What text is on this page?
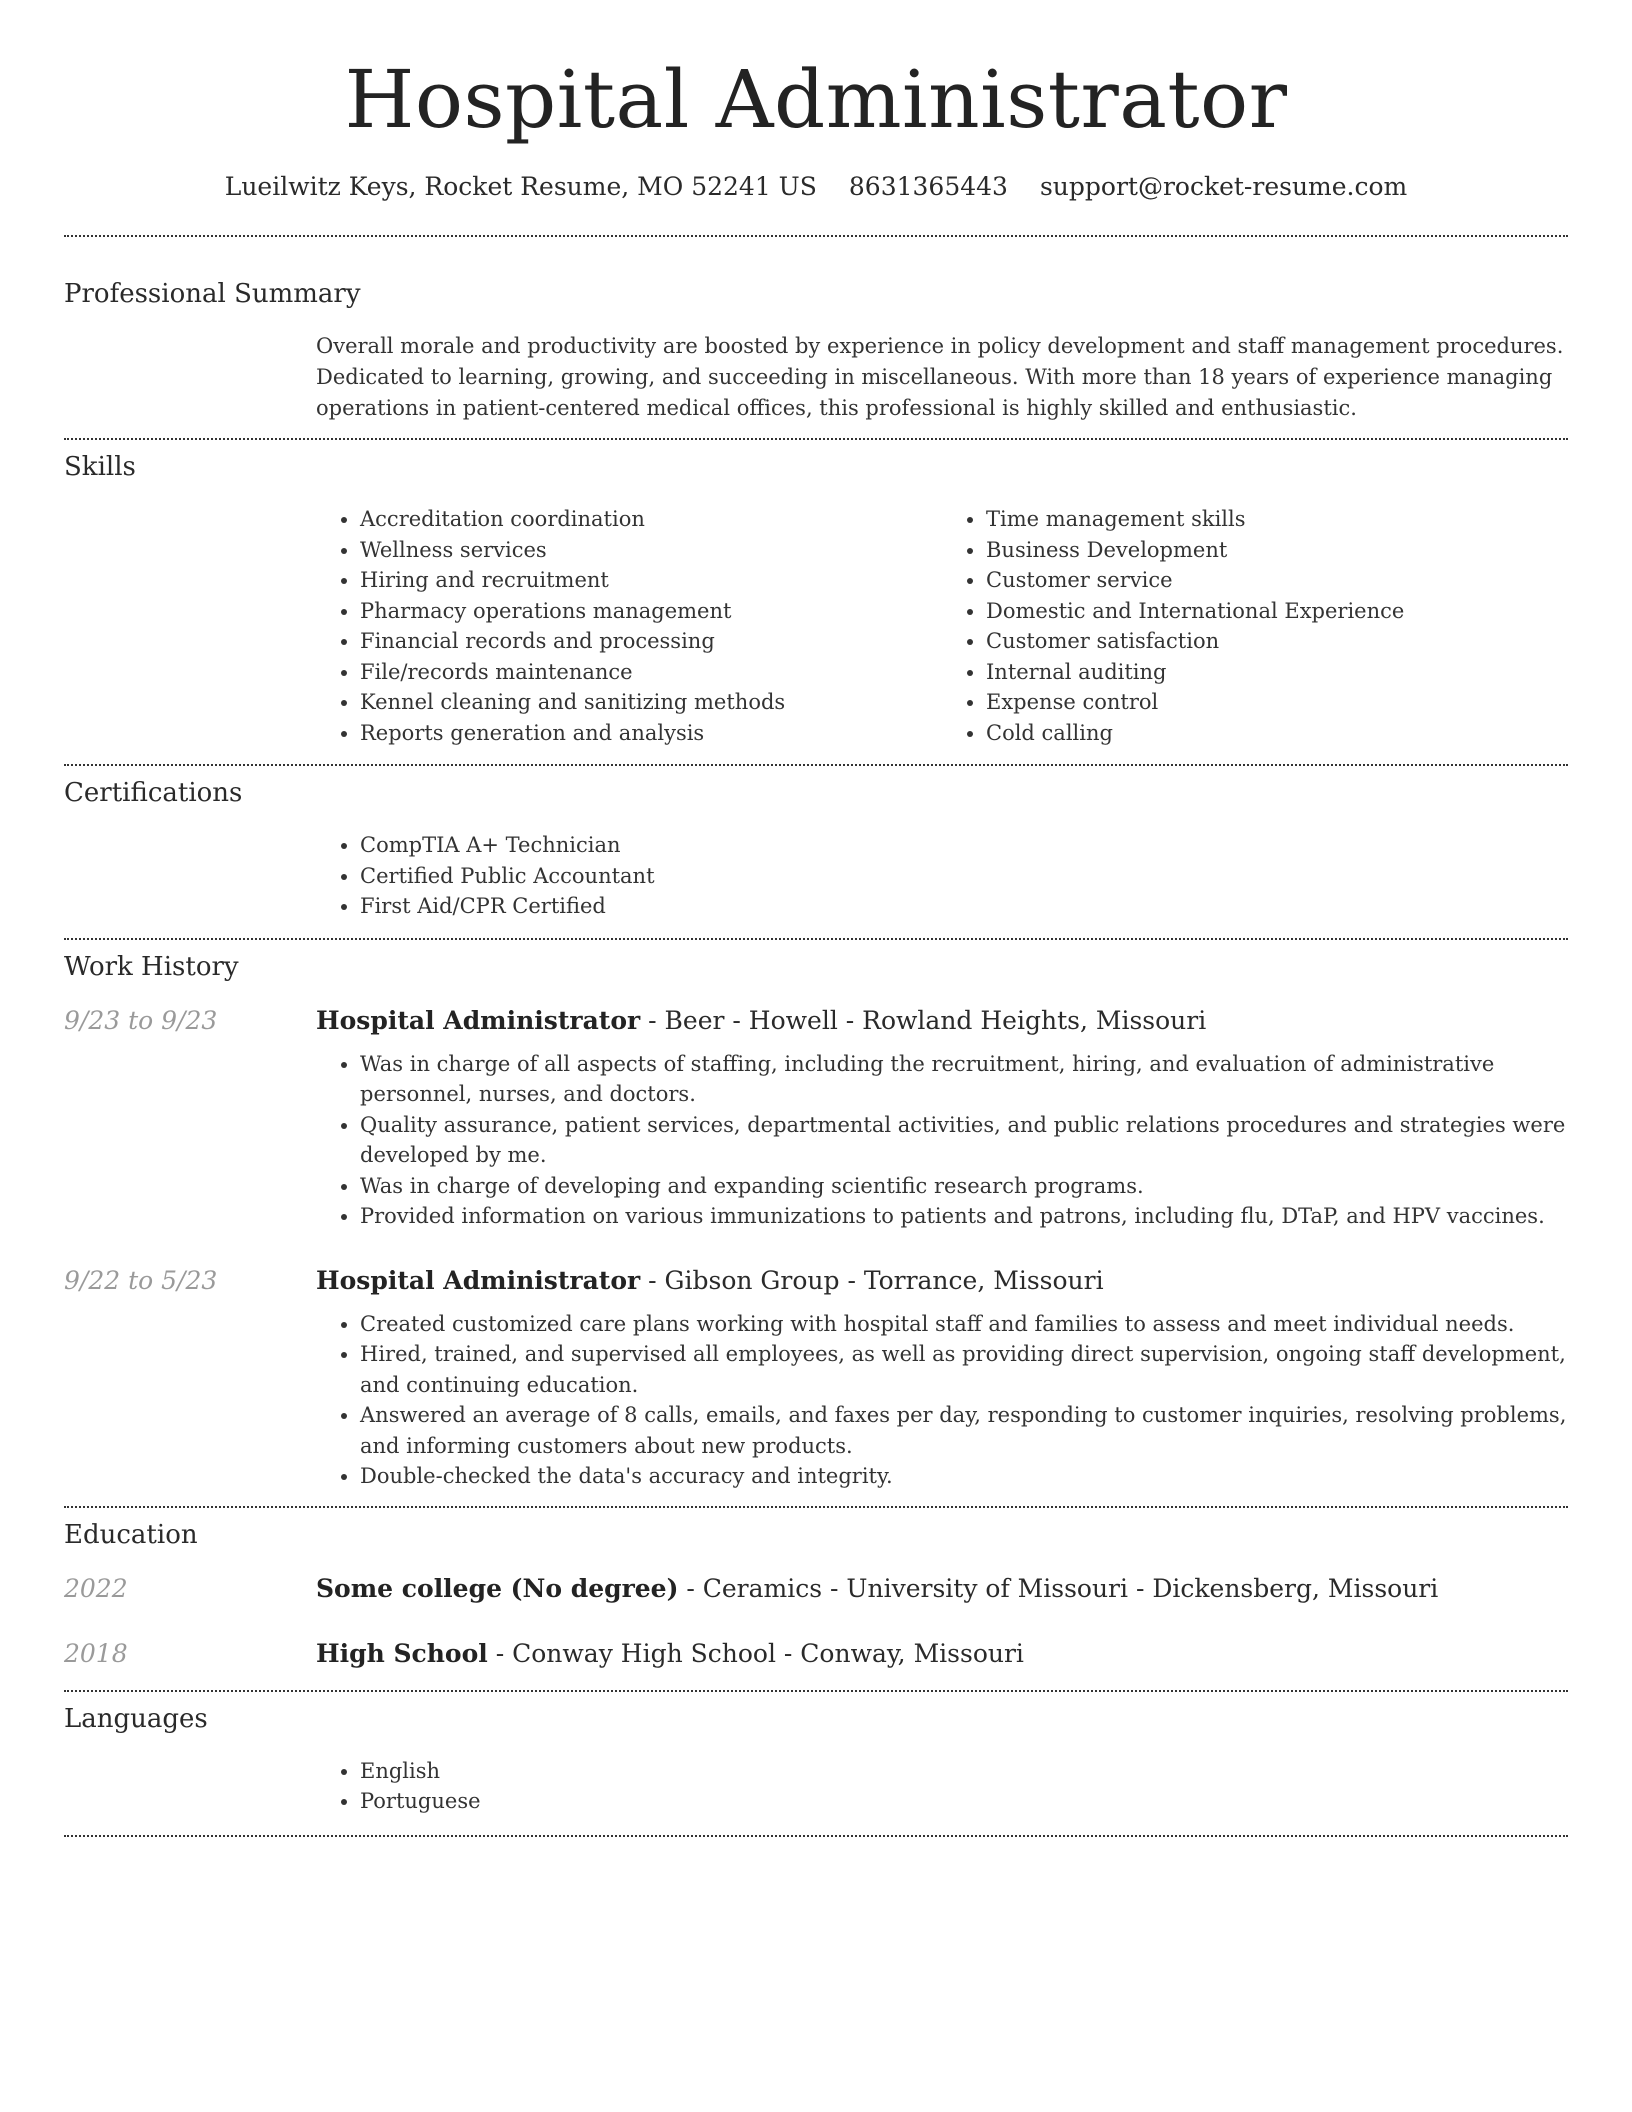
Hospital Administrator
Lueilwitz Keys, Rocket Resume, MO 52241 US 8631365443 support@rocket-resume.com
Professional Summary

Overall morale and productivity are boosted by experience in policy development and staff management procedures. Dedicated to learning, growing, and succeeding in miscellaneous. With more than 18 years of experience managing operations in patient-centered medical offices, this professional is highly skilled and enthusiastic.

Skills
• Accreditation coordination
• Wellness services
• Hiring and recruitment
• Pharmacy operations management
• Financial records and processing
• File/records maintenance
• Kennel cleaning and sanitizing methods
• Reports generation and analysis
• Time management skills
• Business Development
• Customer service
• Domestic and International Experience
• Customer satisfaction
• Internal auditing
• Expense control
• Cold calling
Certifications
• CompTIA A+ Technician
• Certified Public Accountant
• First Aid/CPR Certified
Work History
9/23 to 9/23	Hospital Administrator - Beer - Howell - Rowland Heights, Missouri
• Was in charge of all aspects of staffing, including the recruitment, hiring, and evaluation of administrative personnel, nurses, and doctors.
• Quality assurance, patient services, departmental activities, and public relations procedures and strategies were developed by me.
• Was in charge of developing and expanding scientific research programs.
• Provided information on various immunizations to patients and patrons, including flu, DTaP, and HPV vaccines.
9/22 to 5/23	Hospital Administrator - Gibson Group - Torrance, Missouri
• Created customized care plans working with hospital staff and families to assess and meet individual needs.
• Hired, trained, and supervised all employees, as well as providing direct supervision, ongoing staff development, and continuing education.
• Answered an average of 8 calls, emails, and faxes per day, responding to customer inquiries, resolving problems, and informing customers about new products.
• Double-checked the data's accuracy and integrity.
Education
2022	Some college (No degree) - Ceramics - University of Missouri - Dickensberg, Missouri
2018	High School - Conway High School - Conway, Missouri
Languages
• English
• Portuguese
